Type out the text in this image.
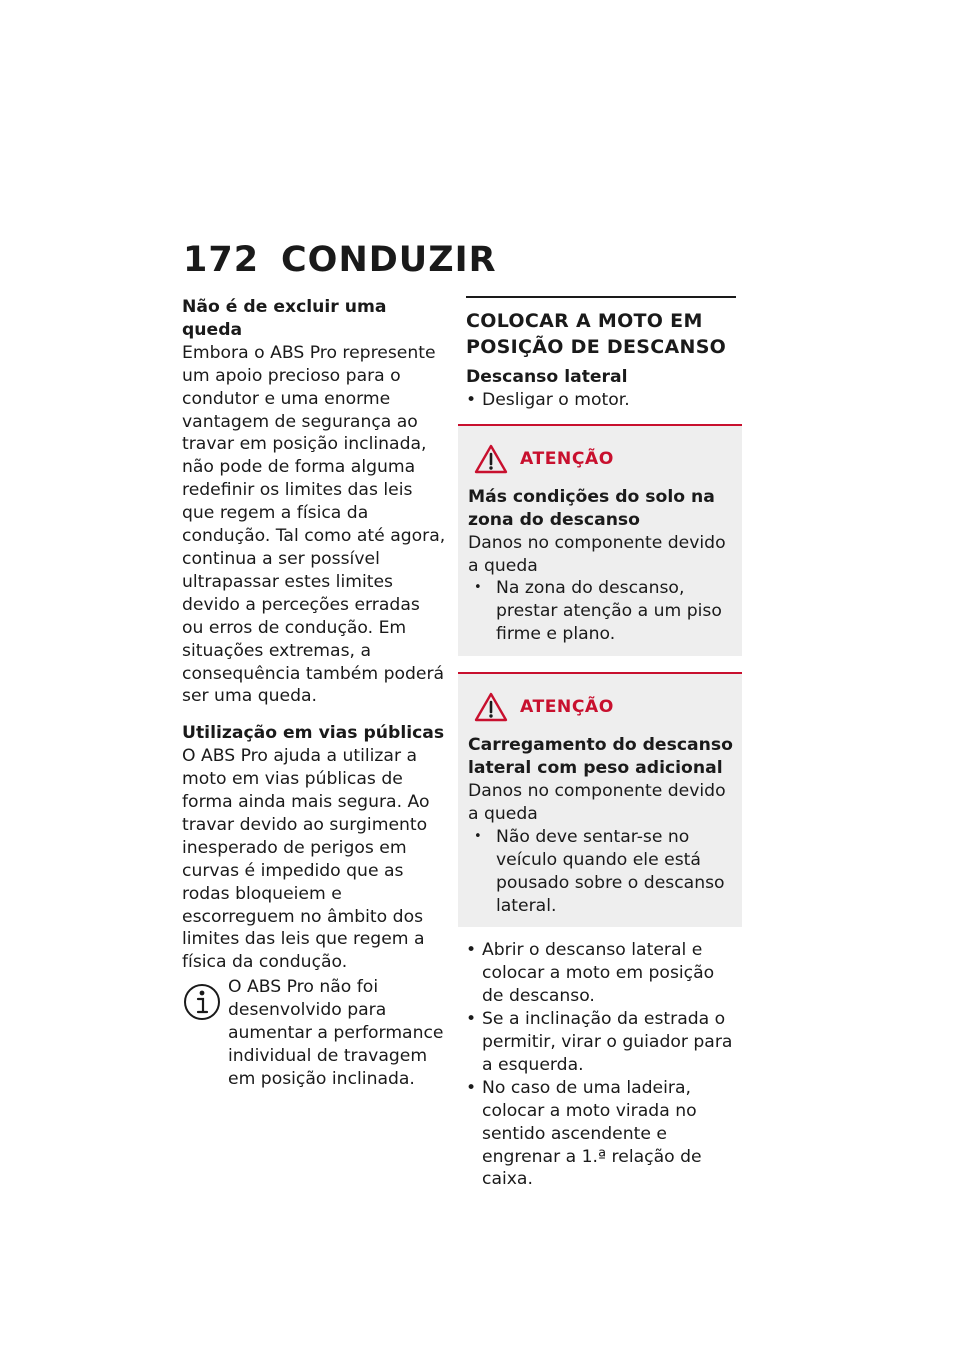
172 CONDUZIR

Não é de excluir uma queda

Embora o ABS Pro represente um apoio precioso para o condutor e uma enorme vantagem de segurança ao travar em posição inclinada, não pode de forma alguma redefinir os limites das leis que regem a física da condução. Tal como até agora, continua a ser possível ultrapassar estes limites devido a perceções erradas ou erros de condução. Em situações extremas, a consequência também poderá ser uma queda.

Utilização em vias públicas

O ABS Pro ajuda a utilizar a moto em vias públicas de forma ainda mais segura. Ao travar devido ao surgimento inesperado de perigos em curvas é impedido que as rodas bloqueiem e escorreguem no âmbito dos limites das leis que regem a física da condução.

O ABS Pro não foi desenvolvido para aumentar a performance individual de travagem em posição inclinada.

COLOCAR A MOTO EM POSIÇÃO DE DESCANSO

Descanso lateral

• Desligar o motor.
ATENÇÃO

Más condições do solo na zona do descanso

Danos no componente devido a queda

• Na zona do descanso, prestar atenção a um piso firme e plano.
ATENÇÃO

Carregamento do descanso lateral com peso adicional

Danos no componente devido a queda

• Não deve sentar-se no veículo quando ele está pousado sobre o descanso lateral.
• Abrir o descanso lateral e colocar a moto em posição de descanso.
• Se a inclinação da estrada o permitir, virar o guiador para a esquerda.
• No caso de uma ladeira, colocar a moto virada no sentido ascendente e engrenar a 1.ª relação de caixa.
